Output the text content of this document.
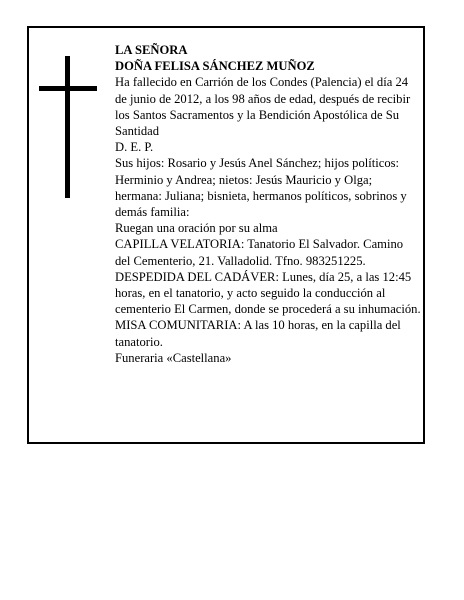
LA SEÑORA

DOÑA FELISA SÁNCHEZ MUÑOZ

Ha fallecido en Carrión de los Condes (Palencia) el día 24 de junio de 2012, a los 98 años de edad, después de recibir los Santos Sacramentos y la Bendición Apostólica de Su Santidad

D. E. P.

Sus hijos: Rosario y Jesús Anel Sánchez; hijos políticos: Herminio y Andrea; nietos: Jesús Mauricio y Olga; hermana: Juliana; bisnieta, hermanos políticos, sobrinos y demás familia:

Ruegan una oración por su alma

CAPILLA VELATORIA: Tanatorio El Salvador. Camino del Cementerio, 21. Valladolid. Tfno. 983251225.

DESPEDIDA DEL CADÁVER: Lunes, día 25, a las 12:45 horas, en el tanatorio, y acto seguido la conducción al cementerio El Carmen, donde se procederá a su inhumación. MISA COMUNITARIA: A las 10 horas, en la capilla del tanatorio.

Funeraria «Castellana»
